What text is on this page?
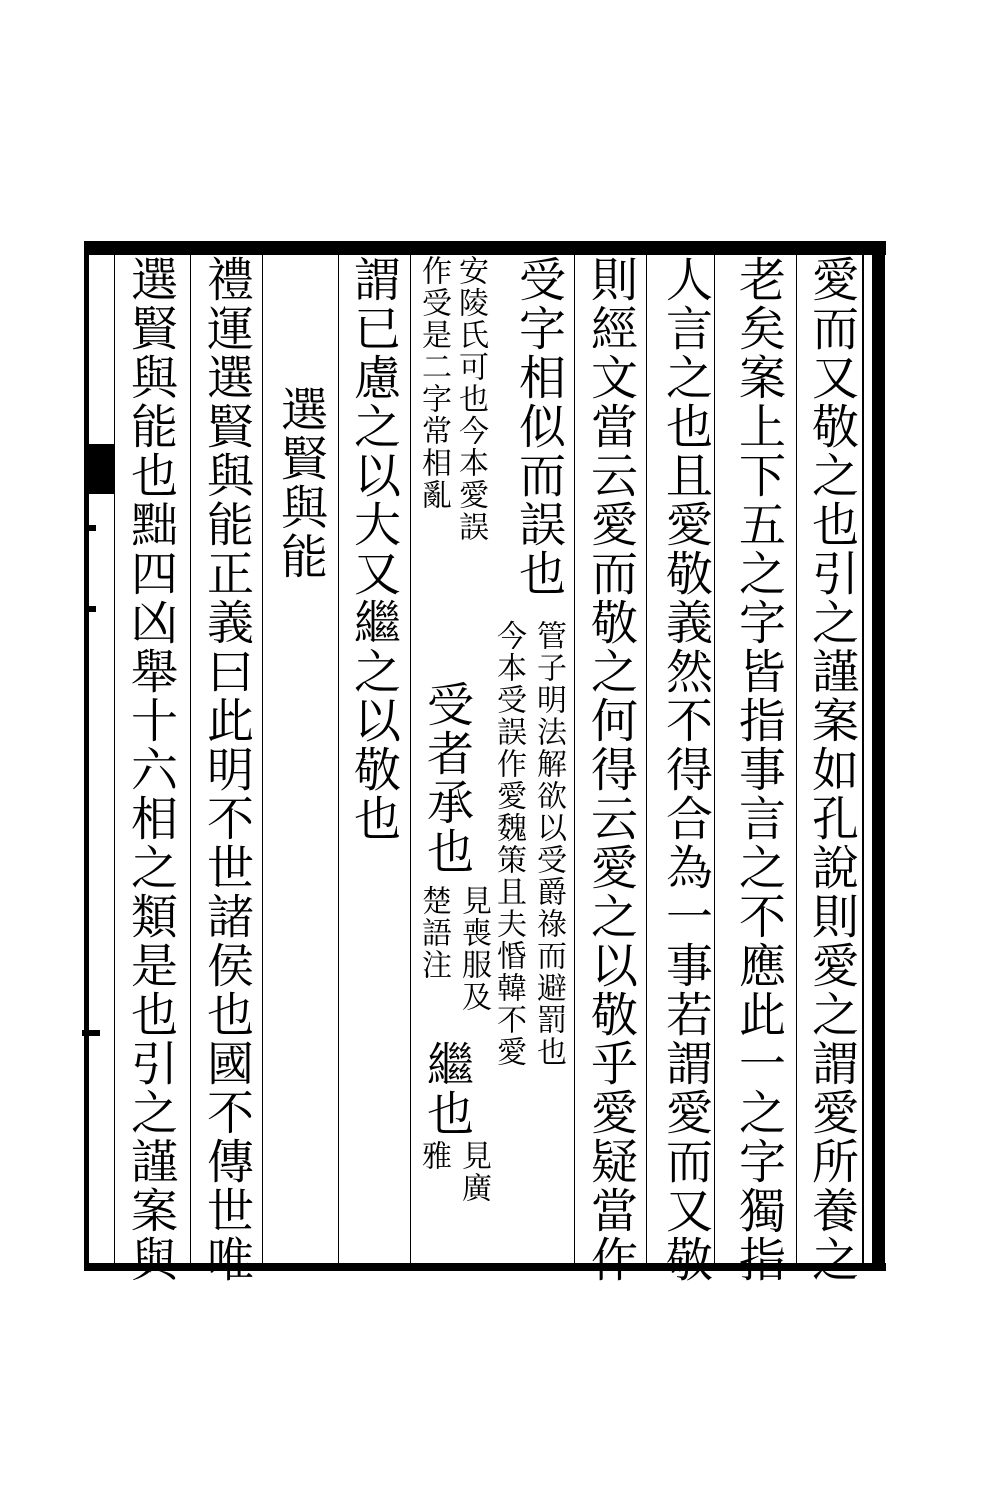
愛而又敬之也引之謹案如孔說則愛之謂愛所養之
老矣案上下五之字皆指事言之不應此一之字獨指
人言之也且愛敬義然不得合為一事若謂愛而又敬
則經文當云愛而敬之何得云愛之以敬乎愛疑當作
受字相似而誤也
管子明法解欲以受爵祿而避罰也
今本受誤作愛魏策且夫惛韓不愛
安陵氏可也今本愛誤
作受是二字常相亂
受者承也
見喪服及
楚語注
繼也
見廣
雅
謂已慮之以大又繼之以敬也
選賢與能
禮運選賢與能正義曰此明不世諸侯也國不傳世唯
選賢與能也黜四凶舉十六相之類是也引之謹案與
